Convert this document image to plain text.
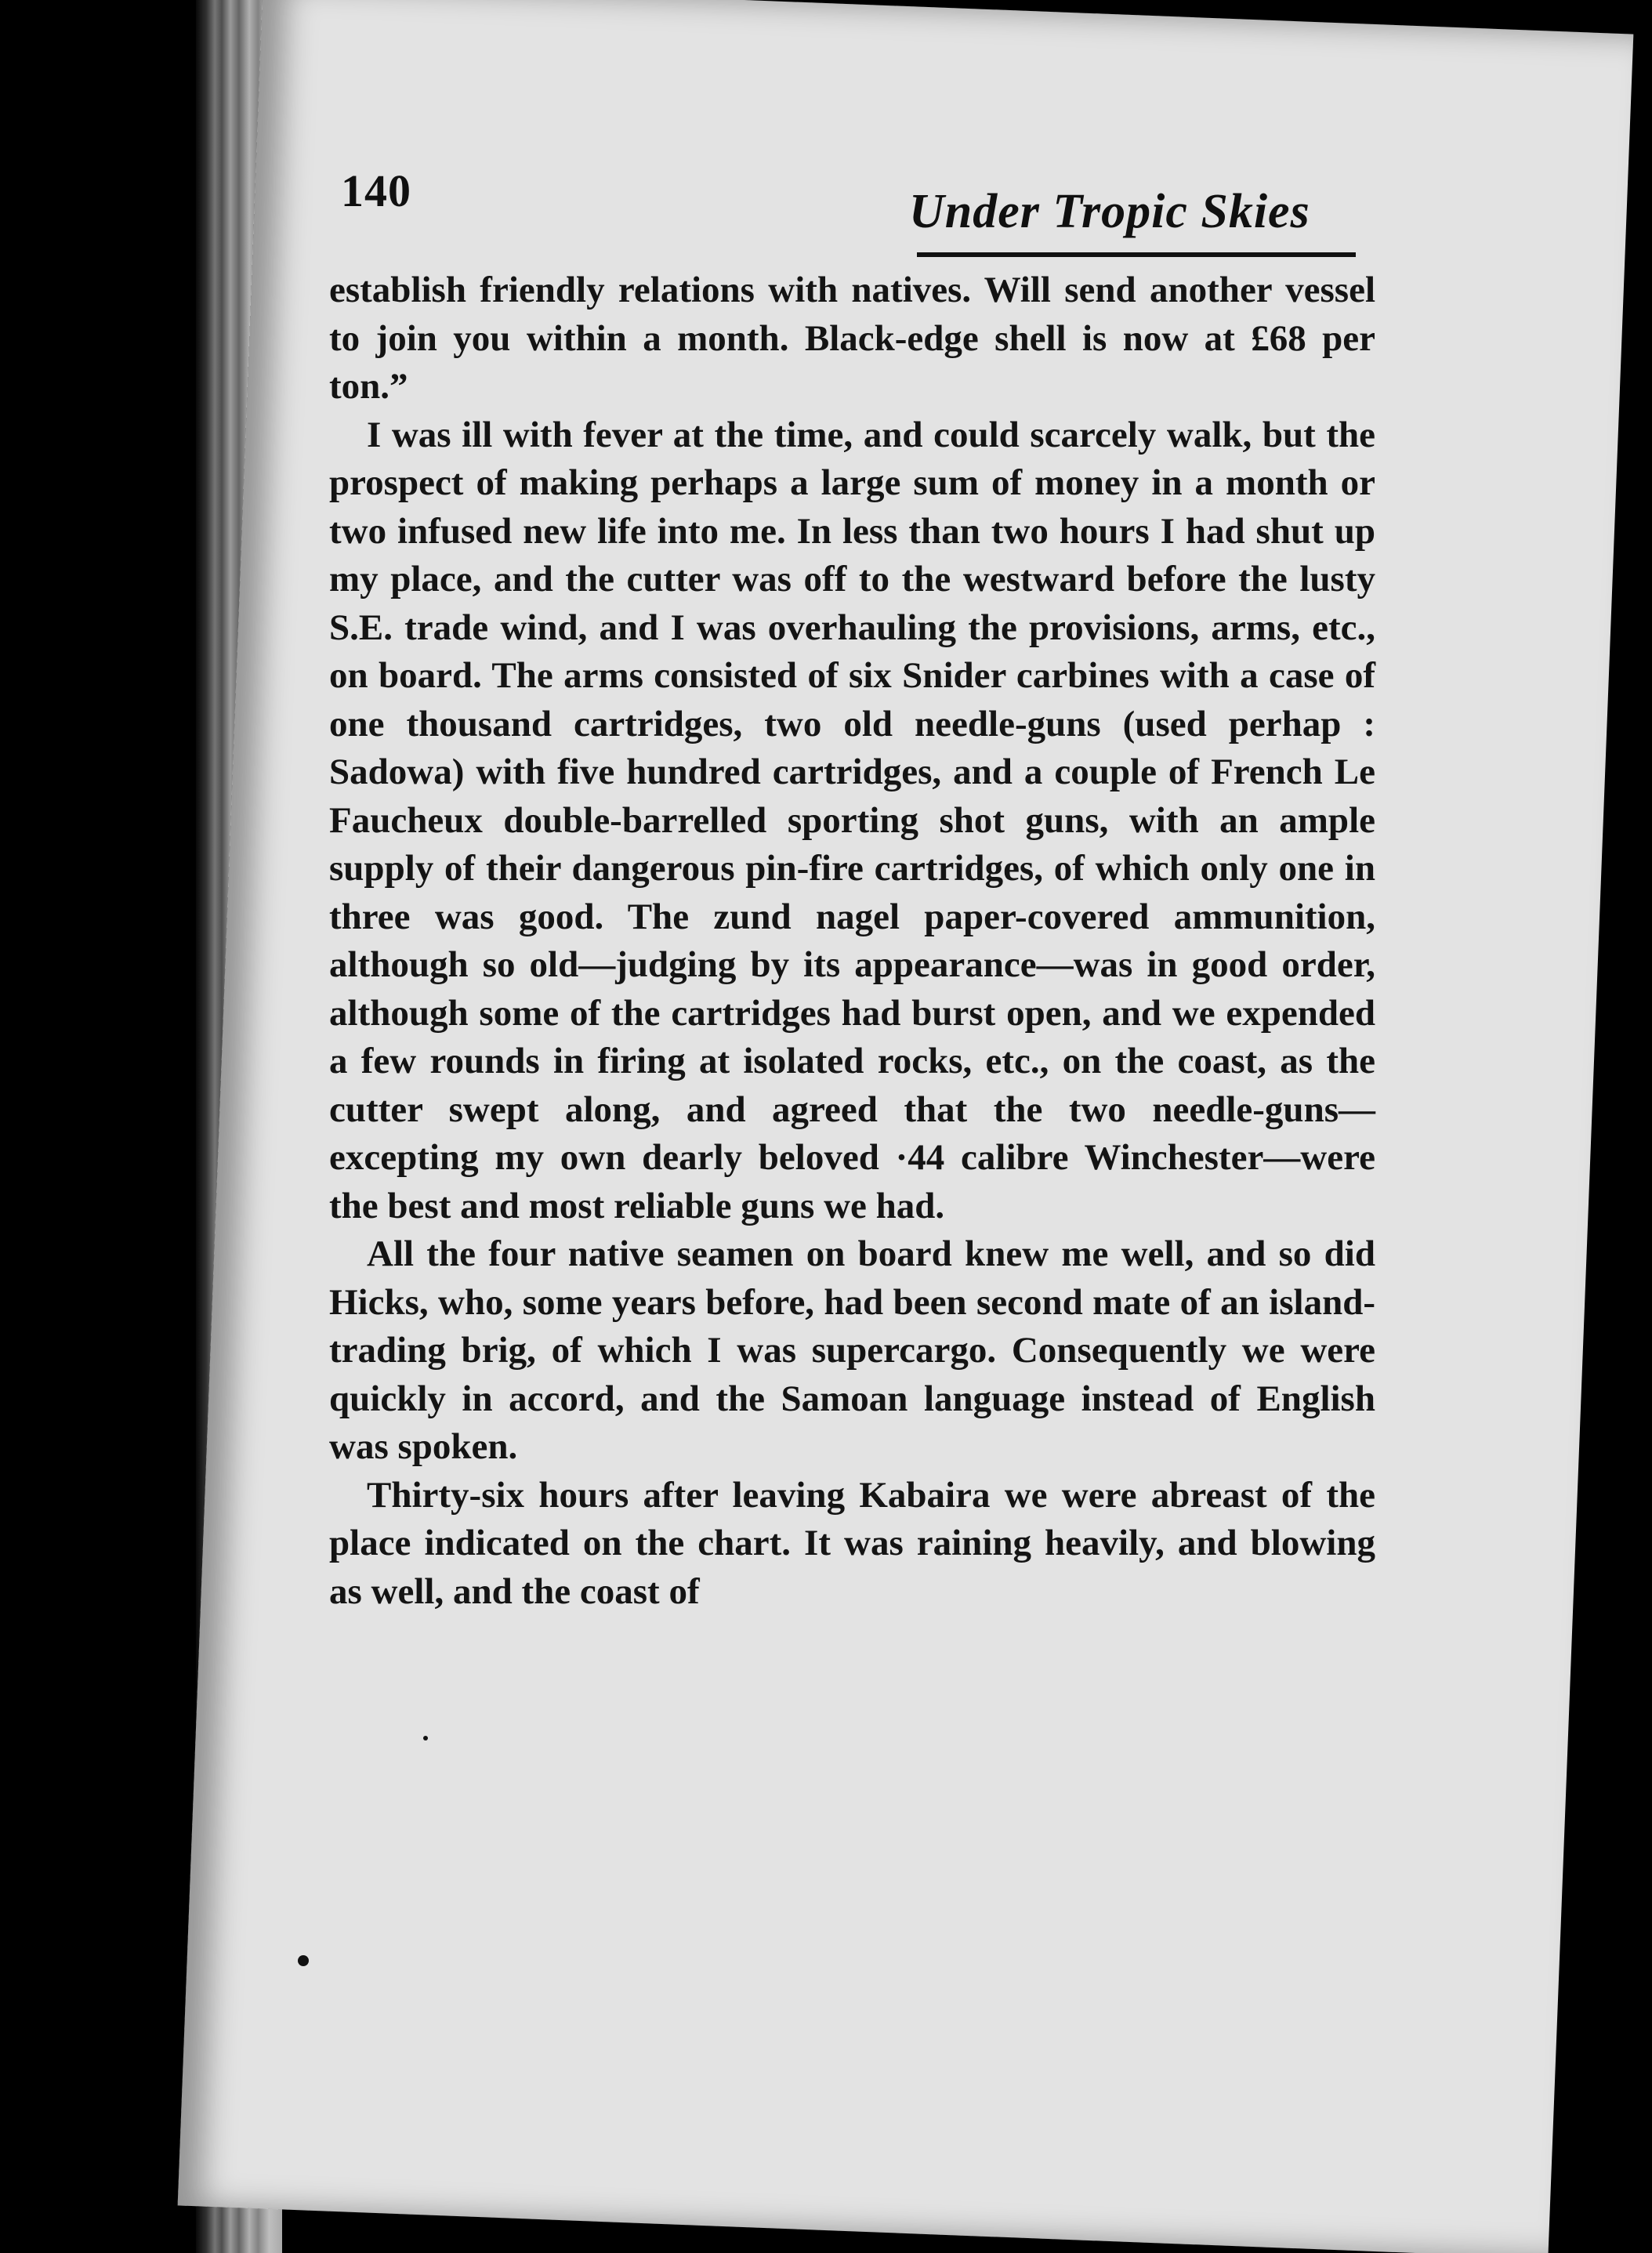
140	Under Tropic Skies

establish friendly relations with natives. Will send another vessel to join you within a month. Black-edge shell is now at £68 per ton.”

I was ill with fever at the time, and could scarcely walk, but the prospect of making perhaps a large sum of money in a month or two infused new life into me. In less than two hours I had shut up my place, and the cutter was off to the westward before the lusty S.E. trade wind, and I was overhauling the provisions, arms, etc., on board. The arms consisted of six Snider carbines with a case of one thousand cartridges, two old needle-guns (used perhap : Sadowa) with five hundred cartridges, and a couple of French Le Faucheux double-barrelled sporting shot guns, with an ample supply of their dangerous pin-fire cartridges, of which only one in three was good. The zund nagel paper-covered ammunition, although so old—judging by its appearance—was in good order, although some of the cartridges had burst open, and we expended a few rounds in firing at isolated rocks, etc., on the coast, as the cutter swept along, and agreed that the two needle-guns—excepting my own dearly beloved ·44 calibre Winchester—were the best and most reliable guns we had.

All the four native seamen on board knew me well, and so did Hicks, who, some years before, had been second mate of an island-trading brig, of which I was supercargo. Consequently we were quickly in accord, and the Samoan language instead of English was spoken.

Thirty-six hours after leaving Kabaira we were abreast of the place indicated on the chart. It was raining heavily, and blowing as well, and the coast of
